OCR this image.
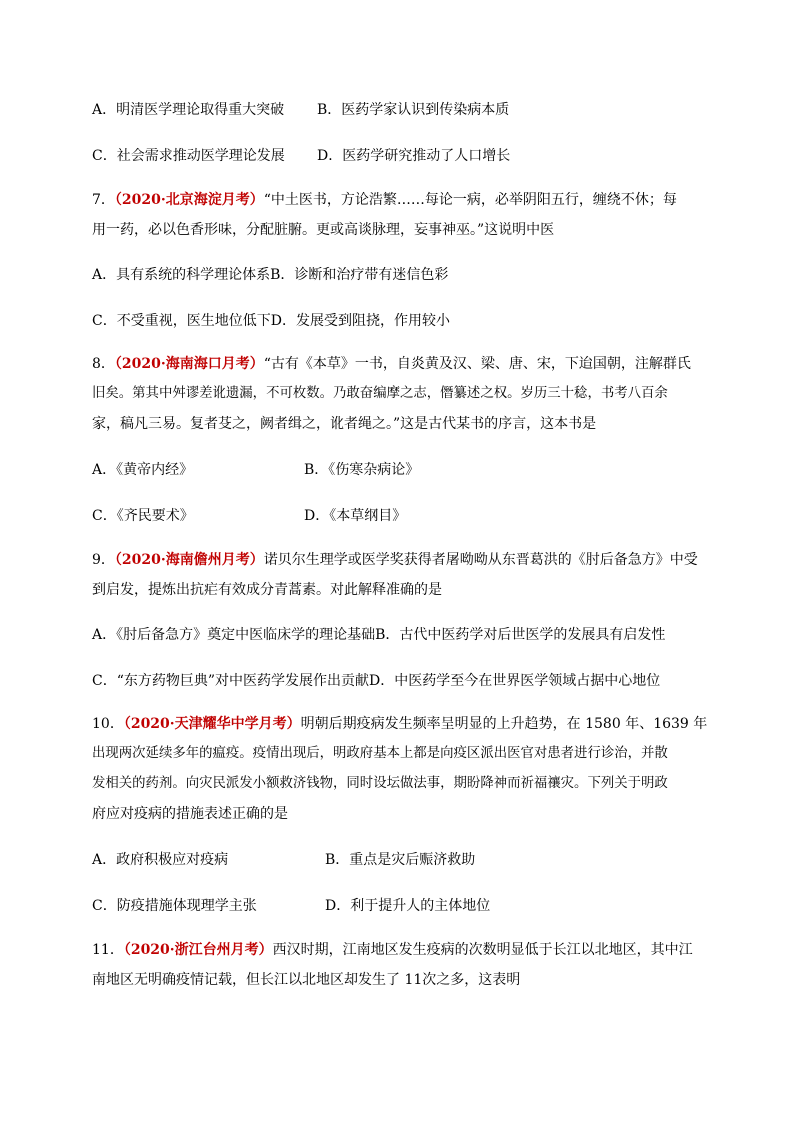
A．明清医学理论取得重大突破 B．医药学家认识到传染病本质
C．社会需求推动医学理论发展 D．医药学研究推动了人口增长
7．（2020·北京海淀月考）“中土医书，方论浩繁……每论一病，必举阴阳五行，缠绕不休；每
用一药，必以色香形味，分配脏腑。更或高谈脉理，妄事神巫。”这说明中医
A．具有系统的科学理论体系B．诊断和治疗带有迷信色彩
C．不受重视，医生地位低下D．发展受到阻挠，作用较小
8．（2020·海南海口月考）“古有《本草》一书，自炎黄及汉、梁、唐、宋，下迨国朝，注解群氏
旧矣。第其中舛谬差讹遗漏，不可枚数。乃敢奋编摩之志，僭纂述之权。岁历三十稔，书考八百余
家，稿凡三易。复者芟之，阙者缉之，讹者绳之。”这是古代某书的序言，这本书是
A．《黄帝内经》	B．《伤寒杂病论》
C．《齐民要术》	D．《本草纲目》
9．（2020·海南儋州月考）诺贝尔生理学或医学奖获得者屠呦呦从东晋葛洪的《肘后备急方》中受
到启发，提炼出抗疟有效成分青蒿素。对此解释准确的是
A．《肘后备急方》奠定中医临床学的理论基础B．古代中医药学对后世医学的发展具有启发性
C．“东方药物巨典”对中医药学发展作出贡献D．中医药学至今在世界医学领域占据中心地位
10．（2020·天津耀华中学月考）明朝后期疫病发生频率呈明显的上升趋势，在 1580 年、1639 年
出现两次延续多年的瘟疫。疫情出现后，明政府基本上都是向疫区派出医官对患者进行诊治，并散
发相关的药剂。向灾民派发小额救济钱物，同时设坛做法事，期盼降神而祈福禳灾。下列关于明政
府应对疫病的措施表述正确的是
A．政府积极应对疫病	B．重点是灾后赈济救助
C．防疫措施体现理学主张	D．利于提升人的主体地位
11．（2020·浙江台州月考）西汉时期，江南地区发生疫病的次数明显低于长江以北地区，其中江
南地区无明确疫情记载，但长江以北地区却发生了 11次之多，这表明
